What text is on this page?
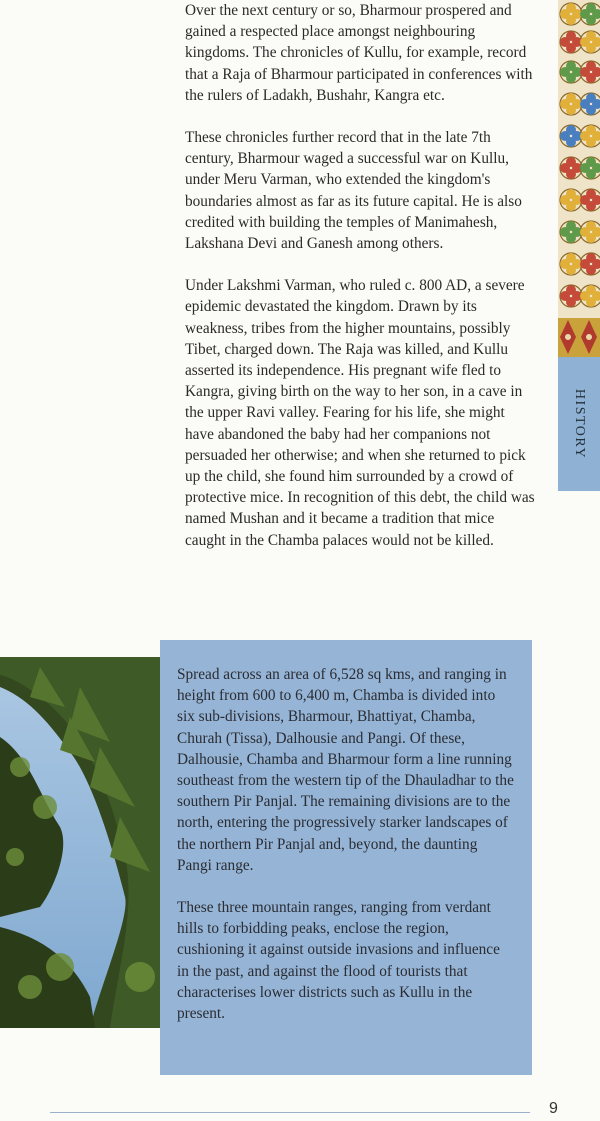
Over the next century or so, Bharmour prospered and gained a respected place amongst neighbouring kingdoms. The chronicles of Kullu, for example, record that a Raja of Bharmour participated in conferences with the rulers of Ladakh, Bushahr, Kangra etc.

These chronicles further record that in the late 7th century, Bharmour waged a successful war on Kullu, under Meru Varman, who extended the kingdom's boundaries almost as far as its future capital. He is also credited with building the temples of Manimahesh, Lakshana Devi and Ganesh among others.

Under Lakshmi Varman, who ruled c. 800 AD, a severe epidemic devastated the kingdom. Drawn by its weakness, tribes from the higher mountains, possibly Tibet, charged down. The Raja was killed, and Kullu asserted its independence. His pregnant wife fled to Kangra, giving birth on the way to her son, in a cave in the upper Ravi valley. Fearing for his life, she might have abandoned the baby had her companions not persuaded her otherwise; and when she returned to pick up the child, she found him surrounded by a crowd of protective mice. In recognition of this debt, the child was named Mushan and it became a tradition that mice caught in the Chamba palaces would not be killed.

HISTORY

Spread across an area of 6,528 sq kms, and ranging in height from 600 to 6,400 m, Chamba is divided into six sub-divisions, Bharmour, Bhattiyat, Chamba, Churah (Tissa), Dalhousie and Pangi. Of these, Dalhousie, Chamba and Bharmour form a line running southeast from the western tip of the Dhauladhar to the southern Pir Panjal. The remaining divisions are to the north, entering the progressively starker landscapes of the northern Pir Panjal and, beyond, the daunting Pangi range.

These three mountain ranges, ranging from verdant hills to forbidding peaks, enclose the region, cushioning it against outside invasions and influence in the past, and against the flood of tourists that characterises lower districts such as Kullu in the present.

9
